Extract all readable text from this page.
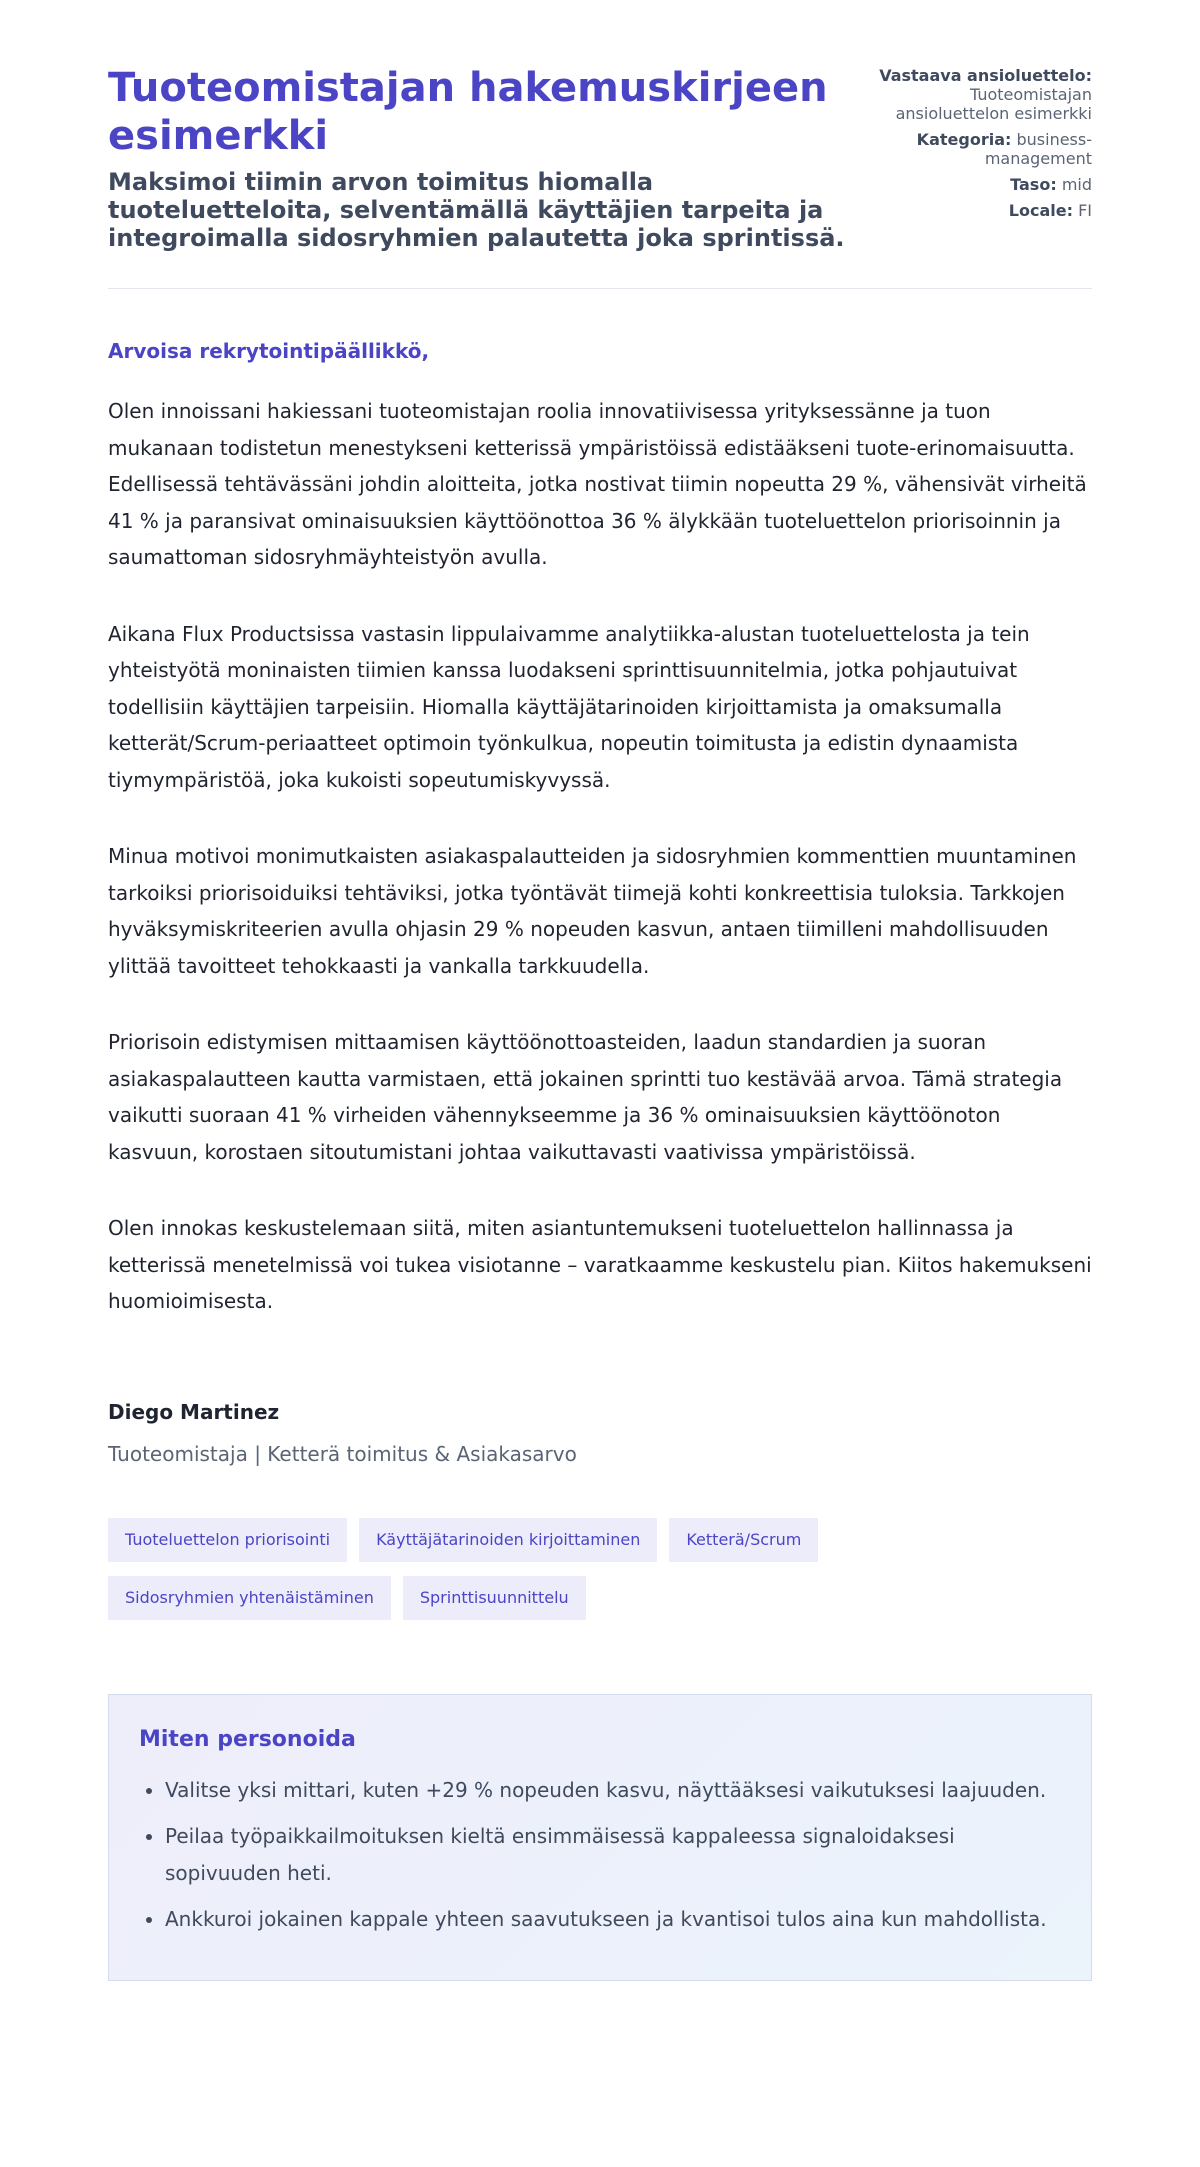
Tuoteomistajan hakemuskirjeen esimerkki
Maksimoi tiimin arvon toimitus hiomalla tuoteluetteloita, selventämällä käyttäjien tarpeita ja integroimalla sidosryhmien palautetta joka sprintissä.
Vastaava ansioluettelo:
Tuoteomistajan ansioluettelon esimerkki
Kategoria: business-management
Taso: mid
Locale: FI
Arvoisa rekrytointipäällikkö,

Olen innoissani hakiessani tuoteomistajan roolia innovatiivisessa yrityksessänne ja tuon mukanaan todistetun menestykseni ketterissä ympäristöissä edistääkseni tuote-erinomaisuutta. Edellisessä tehtävässäni johdin aloitteita, jotka nostivat tiimin nopeutta 29 %, vähensivät virheitä 41 % ja paransivat ominaisuuksien käyttöönottoa 36 % älykkään tuoteluettelon priorisoinnin ja saumattoman sidosryhmäyhteistyön avulla.

Aikana Flux Productsissa vastasin lippulaivamme analytiikka-alustan tuoteluettelosta ja tein yhteistyötä moninaisten tiimien kanssa luodakseni sprinttisuunnitelmia, jotka pohjautuivat todellisiin käyttäjien tarpeisiin. Hiomalla käyttäjätarinoiden kirjoittamista ja omaksumalla ketterät/Scrum-periaatteet optimoin työnkulkua, nopeutin toimitusta ja edistin dynaamista tiymympäristöä, joka kukoisti sopeutumiskyvyssä.

Minua motivoi monimutkaisten asiakaspalautteiden ja sidosryhmien kommenttien muuntaminen tarkoiksi priorisoiduiksi tehtäviksi, jotka työntävät tiimejä kohti konkreettisia tuloksia. Tarkkojen hyväksymiskriteerien avulla ohjasin 29 % nopeuden kasvun, antaen tiimilleni mahdollisuuden ylittää tavoitteet tehokkaasti ja vankalla tarkkuudella.

Priorisoin edistymisen mittaamisen käyttöönottoasteiden, laadun standardien ja suoran asiakaspalautteen kautta varmistaen, että jokainen sprintti tuo kestävää arvoa. Tämä strategia vaikutti suoraan 41 % virheiden vähennykseemme ja 36 % ominaisuuksien käyttöönoton kasvuun, korostaen sitoutumistani johtaa vaikuttavasti vaativissa ympäristöissä.

Olen innokas keskustelemaan siitä, miten asiantuntemukseni tuoteluettelon hallinnassa ja ketterissä menetelmissä voi tukea visiotanne – varatkaamme keskustelu pian. Kiitos hakemukseni huomioimisesta.

Diego Martinez
Tuoteomistaja | Ketterä toimitus & Asiakasarvo
Tuoteluettelon priorisointi	Käyttäjätarinoiden kirjoittaminen	Ketterä/Scrum
Sidosryhmien yhtenäistäminen	Sprinttisuunnittelu
Miten personoida
• Valitse yksi mittari, kuten +29 % nopeuden kasvu, näyttääksesi vaikutuksesi laajuuden.
• Peilaa työpaikkailmoituksen kieltä ensimmäisessä kappaleessa signaloidaksesi sopivuuden heti.
• Ankkuroi jokainen kappale yhteen saavutukseen ja kvantisoi tulos aina kun mahdollista.
